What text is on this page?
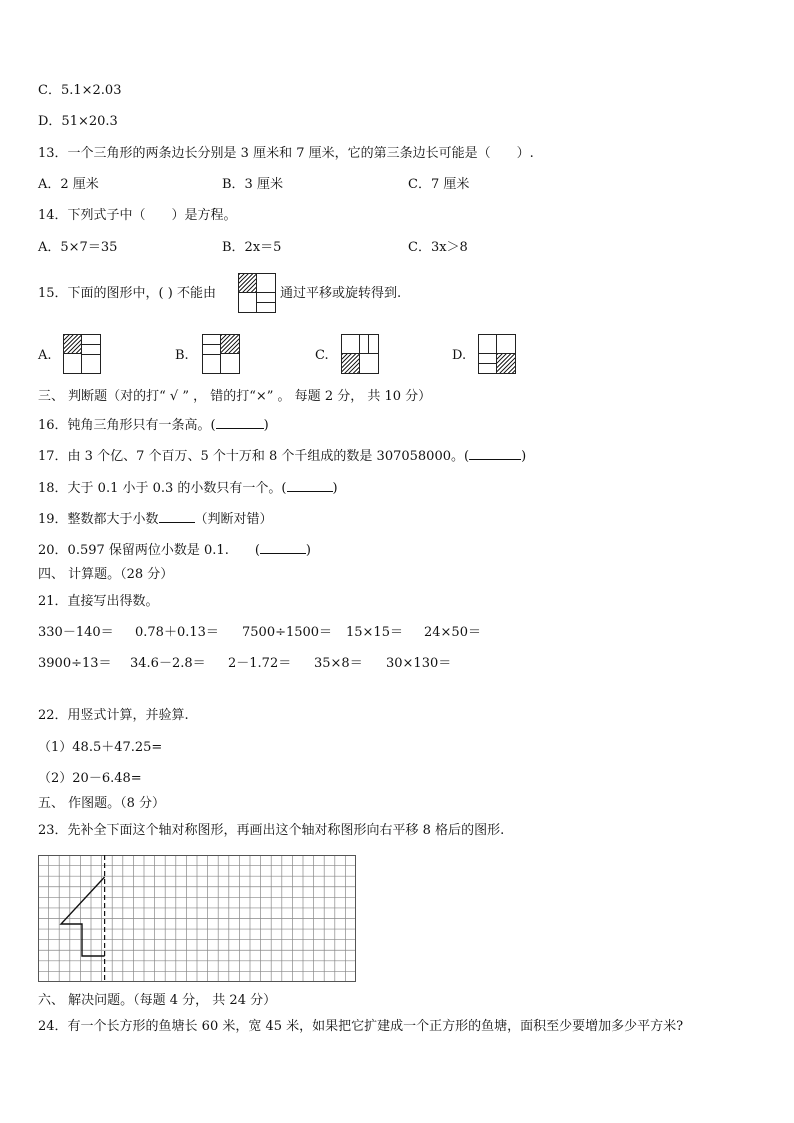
C．5.1×2.03
D．51×20.3
13．一个三角形的两条边长分别是 3 厘米和 7 厘米，它的第三条边长可能是（　　）.
A．2 厘米	B．3 厘米	C．7 厘米
14．下列式子中（　　）是方程。
A．5×7＝35	B．2x＝5	C．3x＞8
15．下面的图形中，( ) 不能由	通过平移或旋转得到.
A.	B.	C.	D.
三、 判断题（对的打“ √ ” ， 错的打“×” 。 每题 2 分， 共 10 分）
16．钝角三角形只有一条高。(	)
17．由 3 个亿、7 个百万、5 个十万和 8 个千组成的数是 307058000。(	)
18．大于 0.1 小于 0.3 的小数只有一个。(	)
19．整数都大于小数	（判断对错）
20．0.597 保留两位小数是 0.1.　　(	)
四、 计算题。（28 分）
21．直接写出得数。
330－140＝ 0.78＋0.13＝ 7500÷1500＝ 15×15＝ 24×50＝
3900÷13＝ 34.6－2.8＝ 2－1.72＝ 35×8＝ 30×130＝
22．用竖式计算，并验算.
（1）48.5＋47.25=
（2）20－6.48=
五、 作图题。（8 分）
23．先补全下面这个轴对称图形，再画出这个轴对称图形向右平移 8 格后的图形.
六、 解决问题。（每题 4 分， 共 24 分）
24．有一个长方形的鱼塘长 60 米，宽 45 米，如果把它扩建成一个正方形的鱼塘，面积至少要增加多少平方米?
